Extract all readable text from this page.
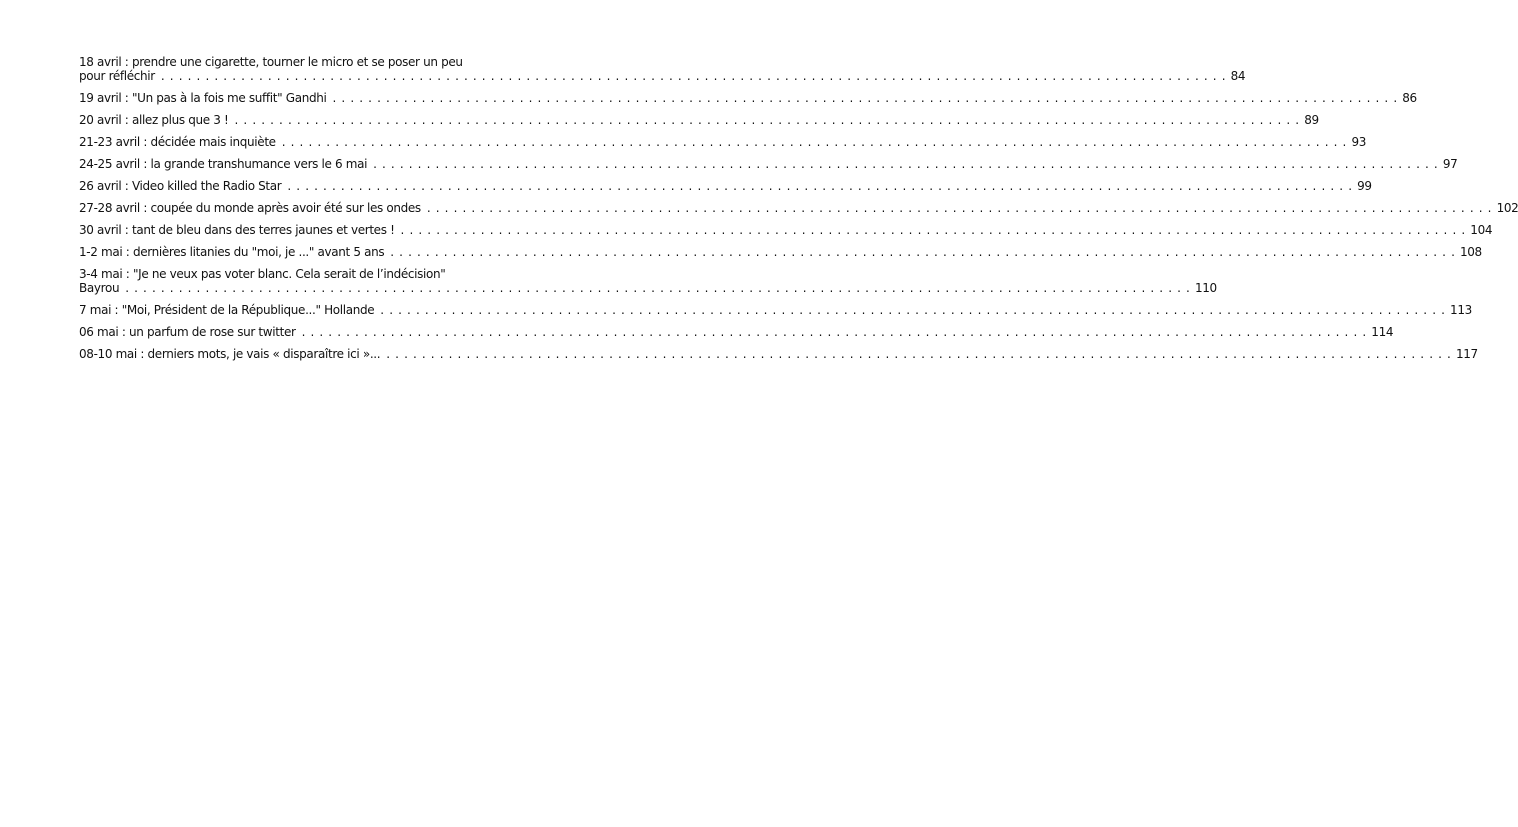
18 avril : prendre une cigarette, tourner le micro et se poser un peu
pour réfléchir ........................................................................................................................ 84
19 avril : "Un pas à la fois me suffit" Gandhi ........................................................................................................................ 86
20 avril : allez plus que 3 ! ........................................................................................................................ 89
21-23 avril : décidée mais inquiète ........................................................................................................................ 93
24-25 avril : la grande transhumance vers le 6 mai ........................................................................................................................ 97
26 avril : Video killed the Radio Star ........................................................................................................................ 99
27-28 avril : coupée du monde après avoir été sur les ondes ........................................................................................................................ 102
30 avril : tant de bleu dans des terres jaunes et vertes ! ........................................................................................................................ 104
1-2 mai : dernières litanies du "moi, je ..." avant 5 ans ........................................................................................................................ 108
3-4 mai : "Je ne veux pas voter blanc. Cela serait de l’indécision"
Bayrou ........................................................................................................................ 110
7 mai : "Moi, Président de la République..." Hollande ........................................................................................................................ 113
06 mai : un parfum de rose sur twitter ........................................................................................................................ 114
08-10 mai : derniers mots, je vais « disparaître ici »... ........................................................................................................................ 117
